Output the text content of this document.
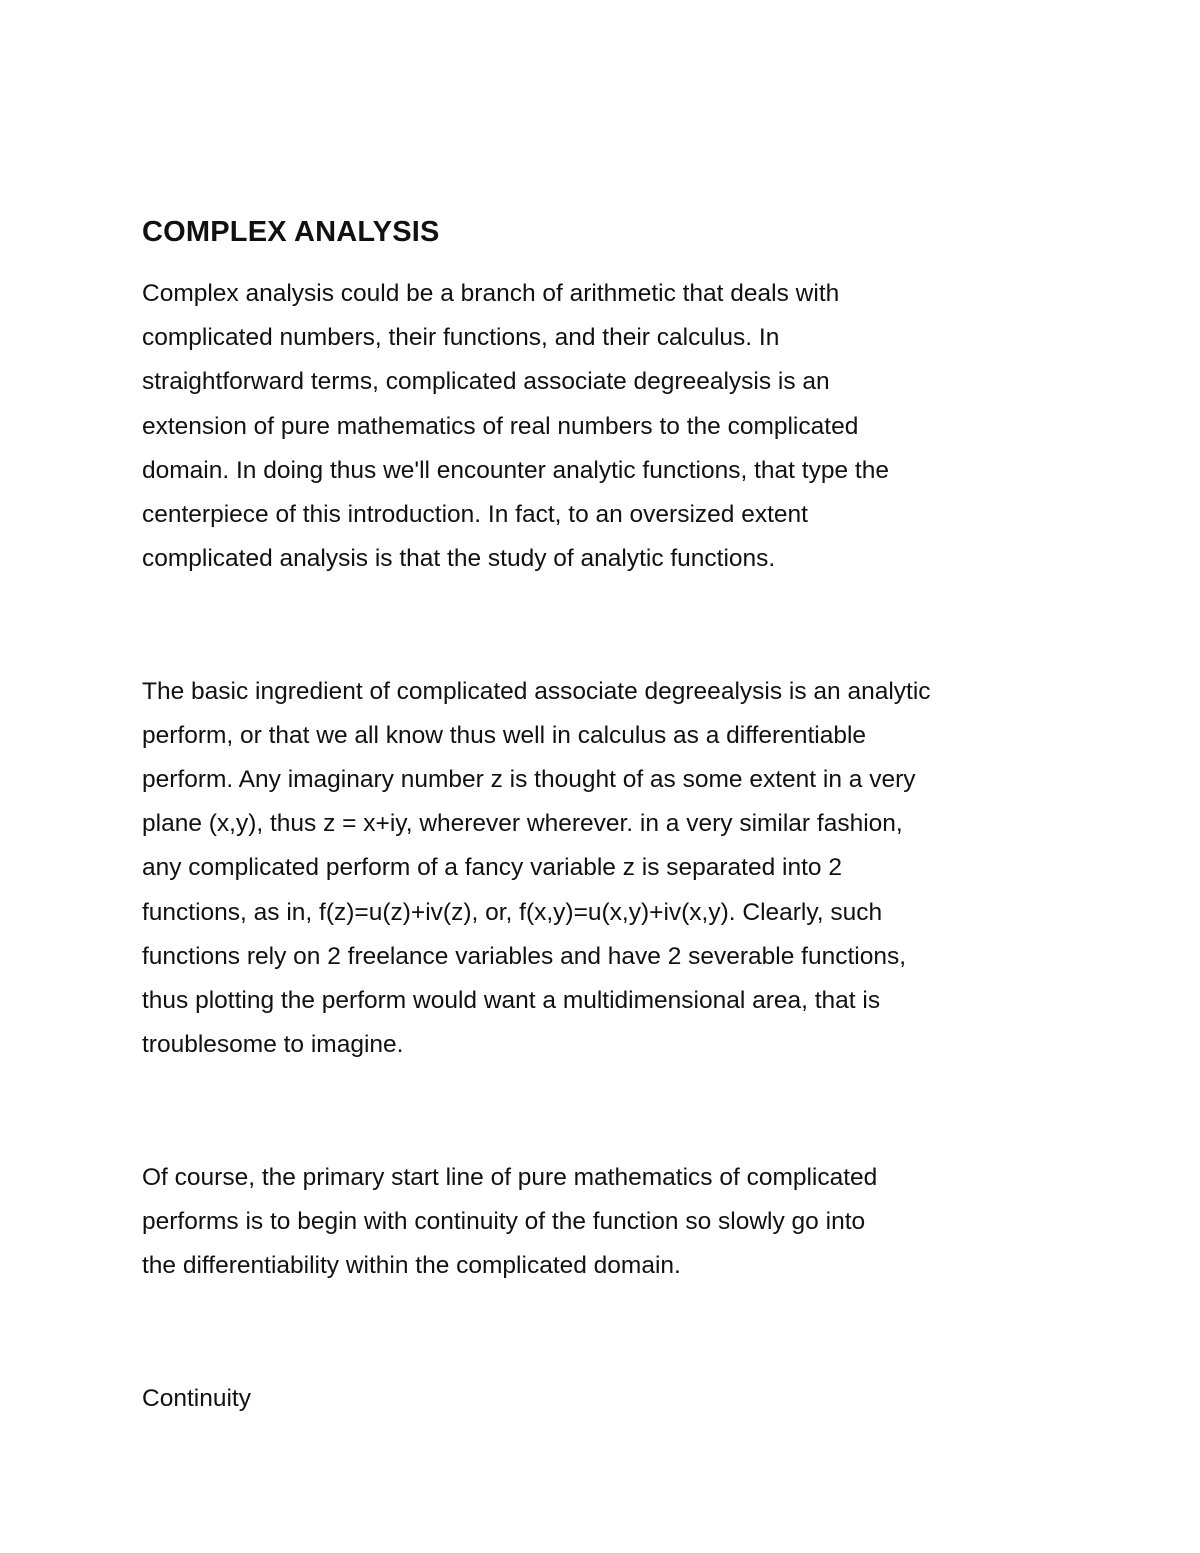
COMPLEX ANALYSIS
Complex analysis could be a branch of arithmetic that deals with
complicated numbers, their functions, and their calculus. In
straightforward terms, complicated associate degreealysis is an
extension of pure mathematics of real numbers to the complicated
domain. In doing thus we'll encounter analytic functions, that type the
centerpiece of this introduction. In fact, to an oversized extent
complicated analysis is that the study of analytic functions.
The basic ingredient of complicated associate degreealysis is an analytic
perform, or that we all know thus well in calculus as a differentiable
perform. Any imaginary number z is thought of as some extent in a very
plane (x,y), thus z = x+iy, wherever wherever. in a very similar fashion,
any complicated perform of a fancy variable z is separated into 2
functions, as in, f(z)=u(z)+iv(z), or, f(x,y)=u(x,y)+iv(x,y). Clearly, such
functions rely on 2 freelance variables and have 2 severable functions,
thus plotting the perform would want a multidimensional area, that is
troublesome to imagine.
Of course, the primary start line of pure mathematics of complicated
performs is to begin with continuity of the function so slowly go into
the differentiability within the complicated domain.
Continuity
